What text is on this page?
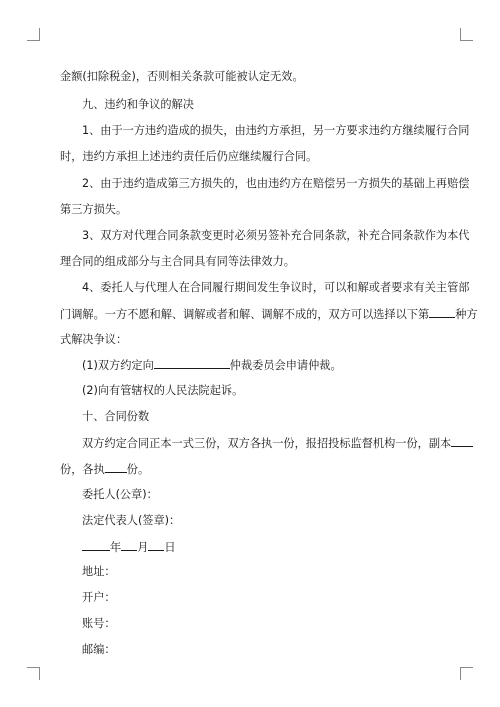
金额(扣除税金)，否则相关条款可能被认定无效。
九、违约和争议的解决
1、由于一方违约造成的损失，由违约方承担，另一方要求违约方继续履行合同
时，违约方承担上述违约责任后仍应继续履行合同。
2、由于违约造成第三方损失的，也由违约方在赔偿另一方损失的基础上再赔偿
第三方损失。
3、双方对代理合同条款变更时必须另签补充合同条款，补充合同条款作为本代
理合同的组成部分与主合同具有同等法律效力。
4、委托人与代理人在合同履行期间发生争议时，可以和解或者要求有关主管部
门调解。一方不愿和解、调解或者和解、调解不成的，双方可以选择以下第 种方
式解决争议：
(1)双方约定向	仲裁委员会申请仲裁。
(2)向有管辖权的人民法院起诉。
十、合同份数
双方约定合同正本一式三份，双方各执一份，报招投标监督机构一份，副本
份，各执 份。
委托人(公章)：
法定代表人(签章)：
年 月 日
地址：
开户：
账号：
邮编：
